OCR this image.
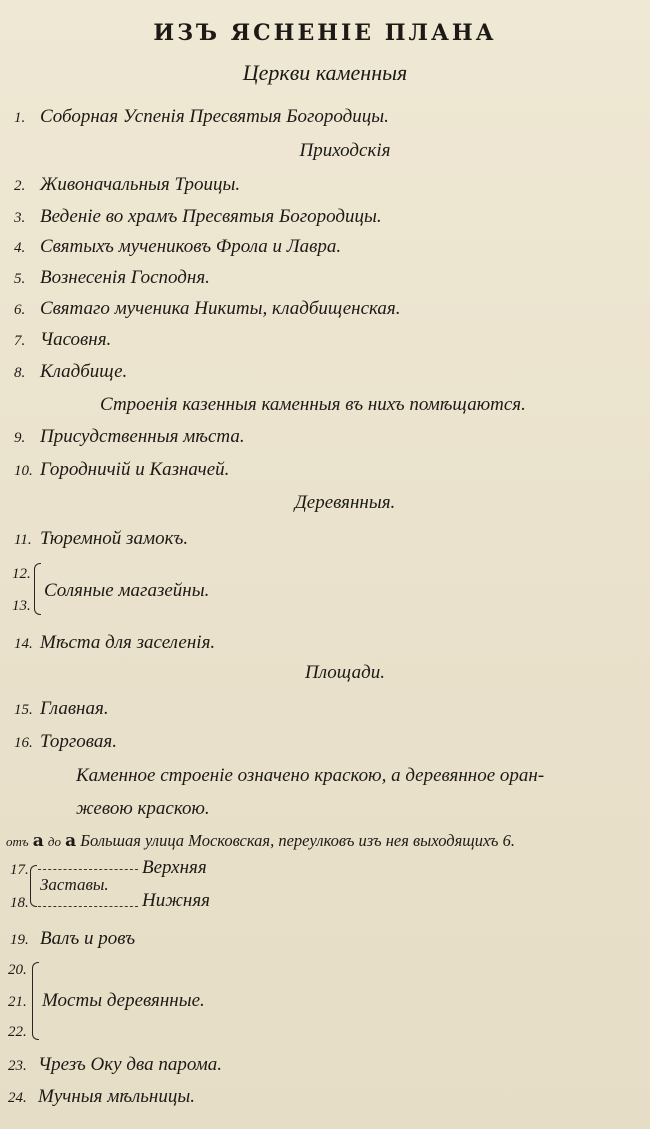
ИЗЪ ЯСНЕНІЕ ПЛАНА
Церкви каменныя
1. Соборная Успенія Пресвятыя Богородицы.
Приходскія
2. Живоначальныя Троицы.
3. Веденіе во храмъ Пресвятыя Богородицы.
4. Святыхъ мучениковъ Фрола и Лавра.
5. Вознесенія Господня.
6. Святаго мученика Никиты, кладбищенская.
7. Часовня.
8. Кладбище.
Строенія казенныя каменныя въ нихъ помѣщаются.
9. Присудственныя мѣста.
10. Городничій и Казначей.
Деревянныя.
11. Тюремной замокъ.
12.
13.
Соляные магазейны.
14. Мѣста для заселенія.
Площади.
15. Главная.
16. Торговая.
Каменное строеніе означено краскою, а деревянное оран-
жевою краскою.
отъ а до а Большая улица Московская, переулковъ изъ нея выходящихъ 6.
17.
18.
Заставы.
Верхняя
Нижняя
19. Валъ и ровъ
20.
21.
22.
Мосты деревянные.
23. Чрезъ Оку два парома.
24. Мучныя мѣльницы.
